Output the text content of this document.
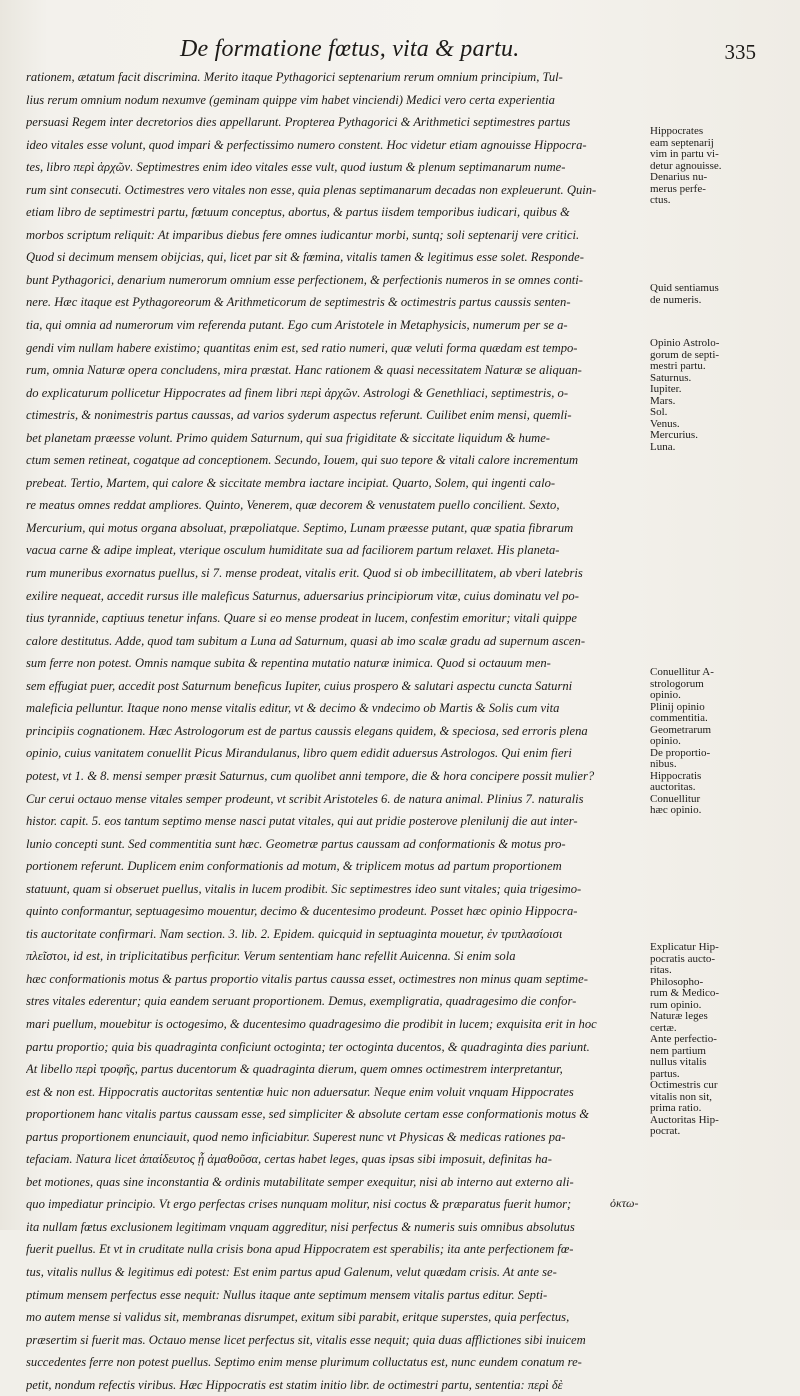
De formatione fœtus, vita & partu.	335
rationem, ætatum facit discrimina. Merito itaque Pythagorici septenarium rerum omnium principium, Tul-
lius rerum omnium nodum nexumve (geminam quippe vim habet vinciendi) Medici vero certa experientia
persuasi Regem inter decretorios dies appellarunt. Propterea Pythagorici & Arithmetici septimestres partus
ideo vitales esse volunt, quod impari & perfectissimo numero constent. Hoc videtur etiam agnouisse Hippocra-
tes, libro περὶ ἀρχῶν. Septimestres enim ideo vitales esse vult, quod iustum & plenum septimanarum nume-
rum sint consecuti. Octimestres vero vitales non esse, quia plenas septimanarum decadas non expleuerunt. Quin-
etiam libro de septimestri partu, fœtuum conceptus, abortus, & partus iisdem temporibus iudicari, quibus &
morbos scriptum reliquit: At imparibus diebus fere omnes iudicantur morbi, suntq; soli septenarij vere critici.
Quod si decimum mensem obijcias, qui, licet par sit & fœmina, vitalis tamen & legitimus esse solet. Responde-
bunt Pythagorici, denarium numerorum omnium esse perfectionem, & perfectionis numeros in se omnes conti-
nere. Hæc itaque est Pythagoreorum & Arithmeticorum de septimestris & octimestris partus caussis senten-
tia, qui omnia ad numerorum vim referenda putant. Ego cum Aristotele in Metaphysicis, numerum per se a-
gendi vim nullam habere existimo; quantitas enim est, sed ratio numeri, quæ veluti forma quædam est tempo-
rum, omnia Naturæ opera concludens, mira præstat. Hanc rationem & quasi necessitatem Naturæ se aliquan-
do explicaturum pollicetur Hippocrates ad finem libri περὶ ἀρχῶν. Astrologi & Genethliaci, septimestris, o-
ctimestris, & nonimestris partus caussas, ad varios syderum aspectus referunt. Cuilibet enim mensi, quemli-
bet planetam præesse volunt. Primo quidem Saturnum, qui sua frigiditate & siccitate liquidum & hume-
ctum semen retineat, cogatque ad conceptionem. Secundo, Iouem, qui suo tepore & vitali calore incrementum
prebeat. Tertio, Martem, qui calore & siccitate membra iactare incipiat. Quarto, Solem, qui ingenti calo-
re meatus omnes reddat ampliores. Quinto, Venerem, quæ decorem & venustatem puello concilient. Sexto,
Mercurium, qui motus organa absoluat, præpoliatque. Septimo, Lunam præesse putant, quæ spatia fibrarum
vacua carne & adipe impleat, vterique osculum humiditate sua ad faciliorem partum relaxet. His planeta-
rum muneribus exornatus puellus, si 7. mense prodeat, vitalis erit. Quod si ob imbecillitatem, ab vberi latebris
exilire nequeat, accedit rursus ille maleficus Saturnus, aduersarius principiorum vitæ, cuius dominatu vel po-
tius tyrannide, captiuus tenetur infans. Quare si eo mense prodeat in lucem, confestim emoritur; vitali quippe
calore destitutus. Adde, quod tam subitum a Luna ad Saturnum, quasi ab imo scalæ gradu ad supernum ascen-
sum ferre non potest. Omnis namque subita & repentina mutatio naturæ inimica. Quod si octauum men-
sem effugiat puer, accedit post Saturnum beneficus Iupiter, cuius prospero & salutari aspectu cuncta Saturni
maleficia pelluntur. Itaque nono mense vitalis editur, vt & decimo & vndecimo ob Martis & Solis cum vita
principiis cognationem. Hæc Astrologorum est de partus caussis elegans quidem, & speciosa, sed erroris plena
opinio, cuius vanitatem conuellit Picus Mirandulanus, libro quem edidit aduersus Astrologos. Qui enim fieri
potest, vt 1. & 8. mensi semper præsit Saturnus, cum quolibet anni tempore, die & hora concipere possit mulier?
Cur cerui octauo mense vitales semper prodeunt, vt scribit Aristoteles 6. de natura animal. Plinius 7. naturalis
histor. capit. 5. eos tantum septimo mense nasci putat vitales, qui aut pridie posterove plenilunij die aut inter-
lunio concepti sunt. Sed commentitia sunt hæc. Geometræ partus caussam ad conformationis & motus pro-
portionem referunt. Duplicem enim conformationis ad motum, & triplicem motus ad partum proportionem
statuunt, quam si obseruet puellus, vitalis in lucem prodibit. Sic septimestres ideo sunt vitales; quia trigesimo-
quinto conformantur, septuagesimo mouentur, decimo & ducentesimo prodeunt. Posset hæc opinio Hippocra-
tis auctoritate confirmari. Nam section. 3. lib. 2. Epidem. quicquid in septuaginta mouetur, ἐν τριπλασίοισι
πλεῖστοι, id est, in triplicitatibus perficitur. Verum sententiam hanc refellit Auicenna. Si enim sola
hæc conformationis motus & partus proportio vitalis partus caussa esset, octimestres non minus quam septime-
stres vitales ederentur; quia eandem seruant proportionem. Demus, exempligratia, quadragesimo die confor-
mari puellum, mouebitur is octogesimo, & ducentesimo quadragesimo die prodibit in lucem; exquisita erit in hoc
partu proportio; quia bis quadraginta conficiunt octoginta; ter octoginta ducentos, & quadraginta dies pariunt.
At libello περὶ τροφῆς, partus ducentorum & quadraginta dierum, quem omnes octimestrem interpretantur,
est & non est. Hippocratis auctoritas sententiæ huic non aduersatur. Neque enim voluit vnquam Hippocrates
proportionem hanc vitalis partus caussam esse, sed simpliciter & absolute certam esse conformationis motus &
partus proportionem enunciauit, quod nemo inficiabitur. Superest nunc vt Physicas & medicas rationes pa-
tefaciam. Natura licet ἀπαίδευτος ᾗ ἀμαθοῦσα, certas habet leges, quas ipsas sibi imposuit, definitas ha-
bet motiones, quas sine inconstantia & ordinis mutabilitate semper exequitur, nisi ab interno aut externo ali-
quo impediatur principio. Vt ergo perfectas crises nunquam molitur, nisi coctus & præparatus fuerit humor;
ita nullam fœtus exclusionem legitimam vnquam aggreditur, nisi perfectus & numeris suis omnibus absolutus
fuerit puellus. Et vt in cruditate nulla crisis bona apud Hippocratem est sperabilis; ita ante perfectionem fœ-
tus, vitalis nullus & legitimus edi potest: Est enim partus apud Galenum, velut quædam crisis. At ante se-
ptimum mensem perfectus esse nequit: Nullus itaque ante septimum mensem vitalis partus editur. Septi-
mo autem mense si validus sit, membranas disrumpet, exitum sibi parabit, eritque superstes, quia perfectus,
præsertim si fuerit mas. Octauo mense licet perfectus sit, vitalis esse nequit; quia duas afflictiones sibi inuicem
succedentes ferre non potest puellus. Septimo enim mense plurimum colluctatus est, nunc eundem conatum re-
petit, nondum refectis viribus. Hæc Hippocratis est statim initio libr. de octimestri partu, sententia: περὶ δὲ
Hippocrates
eam septenarij
vim in partu vi-
detur agnouisse.
Denarius nu-
merus perfe-
ctus.
Quid sentiamus
de numeris.
Opinio Astrolo-
gorum de septi-
mestri partu.
Saturnus.
Iupiter.
Mars.
Sol.
Venus.
Mercurius.
Luna.
Conuellitur A-
strologorum
opinio.
Plinij opinio
commentitia.
Geometrarum
opinio.
De proportio-
nibus.
Hippocratis
auctoritas.
Conuellitur
hæc opinio.
Explicatur Hip-
pocratis aucto-
ritas.
Philosopho-
rum & Medico-
rum opinio.
Naturæ leges
certæ.
Ante perfectio-
nem partium
nullus vitalis
partus.
Octimestris cur
vitalis non sit,
prima ratio.
Auctoritas Hip-
pocrat.
ὀκτω-
